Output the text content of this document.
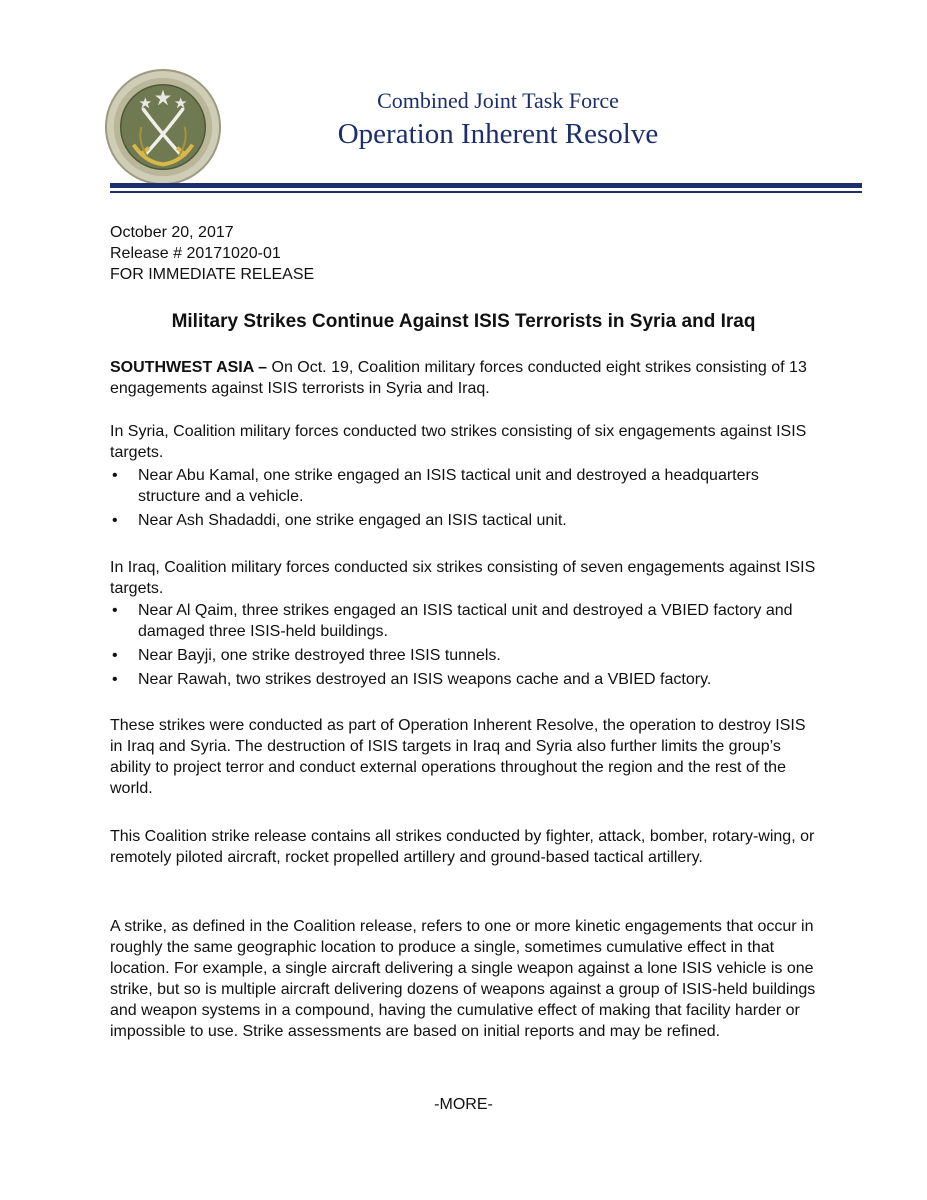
Combined Joint Task Force
Operation Inherent Resolve
October 20, 2017
Release # 20171020-01
FOR IMMEDIATE RELEASE
Military Strikes Continue Against ISIS Terrorists in Syria and Iraq

SOUTHWEST ASIA – On Oct. 19, Coalition military forces conducted eight strikes consisting of 13 engagements against ISIS terrorists in Syria and Iraq.

In Syria, Coalition military forces conducted two strikes consisting of six engagements against ISIS targets.

• Near Abu Kamal, one strike engaged an ISIS tactical unit and destroyed a headquarters structure and a vehicle.
• Near Ash Shadaddi, one strike engaged an ISIS tactical unit.

In Iraq, Coalition military forces conducted six strikes consisting of seven engagements against ISIS targets.

• Near Al Qaim, three strikes engaged an ISIS tactical unit and destroyed a VBIED factory and damaged three ISIS-held buildings.
• Near Bayji, one strike destroyed three ISIS tunnels.
• Near Rawah, two strikes destroyed an ISIS weapons cache and a VBIED factory.

These strikes were conducted as part of Operation Inherent Resolve, the operation to destroy ISIS in Iraq and Syria. The destruction of ISIS targets in Iraq and Syria also further limits the group’s ability to project terror and conduct external operations throughout the region and the rest of the world.

This Coalition strike release contains all strikes conducted by fighter, attack, bomber, rotary-wing, or remotely piloted aircraft, rocket propelled artillery and ground-based tactical artillery.

A strike, as defined in the Coalition release, refers to one or more kinetic engagements that occur in roughly the same geographic location to produce a single, sometimes cumulative effect in that location. For example, a single aircraft delivering a single weapon against a lone ISIS vehicle is one strike, but so is multiple aircraft delivering dozens of weapons against a group of ISIS-held buildings and weapon systems in a compound, having the cumulative effect of making that facility harder or impossible to use. Strike assessments are based on initial reports and may be refined.

-MORE-
